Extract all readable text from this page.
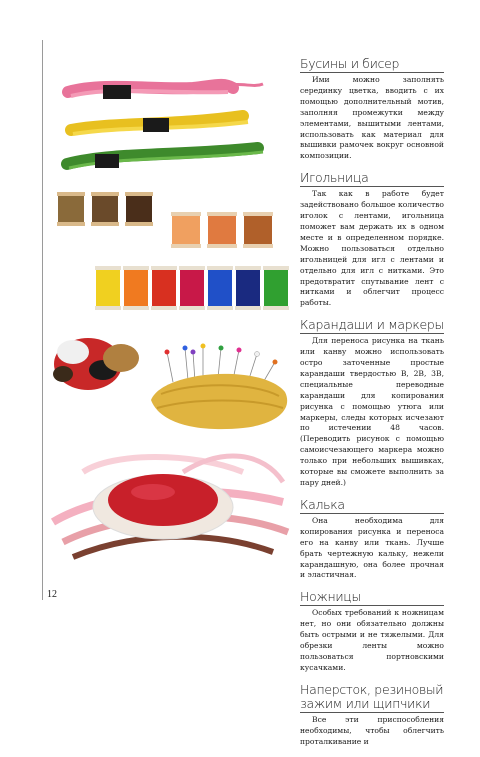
Бусины и бисер

Ими можно заполнять серединку цветка, вводить с их помощью дополнительный мотив, заполняя промежутки между элементами, вышитыми лентами, использовать как материал для вышивки рамочек вокруг основной композиции.

Игольница

Так как в работе будет задействовано большое количество иголок с лентами, игольница поможет вам держать их в одном месте и в определенном порядке. Можно пользоваться отдельно игольницей для игл с лентами и отдельно для игл с нитками. Это предотвратит спутывание лент с нитками и облегчит процесс работы.

Карандаши и маркеры

Для переноса рисунка на ткань или канву можно использовать остро заточенные простые карандаши твердостью В, 2В, 3В, специальные переводные карандаши для копирования рисунка с помощью утюга или маркеры, следы которых исчезают по истечении 48 часов. (Переводить рисунок с помощью самоисчезающего маркера можно только при небольших вышивках, которые вы сможете выполнить за пару дней.)

Калька

Она необходима для копирования рисунка и переноса его на канву или ткань. Лучше брать чертежную кальку, нежели карандашную, она более прочная и эластичная.

Ножницы

Особых требований к ножницам нет, но они обязательно должны быть острыми и не тяжелыми. Для обрезки ленты можно пользоваться портновскими кусачками.

Наперсток, резиновый зажим или щипчики

Все эти приспособления необходимы, чтобы облегчить проталкивание и

12
